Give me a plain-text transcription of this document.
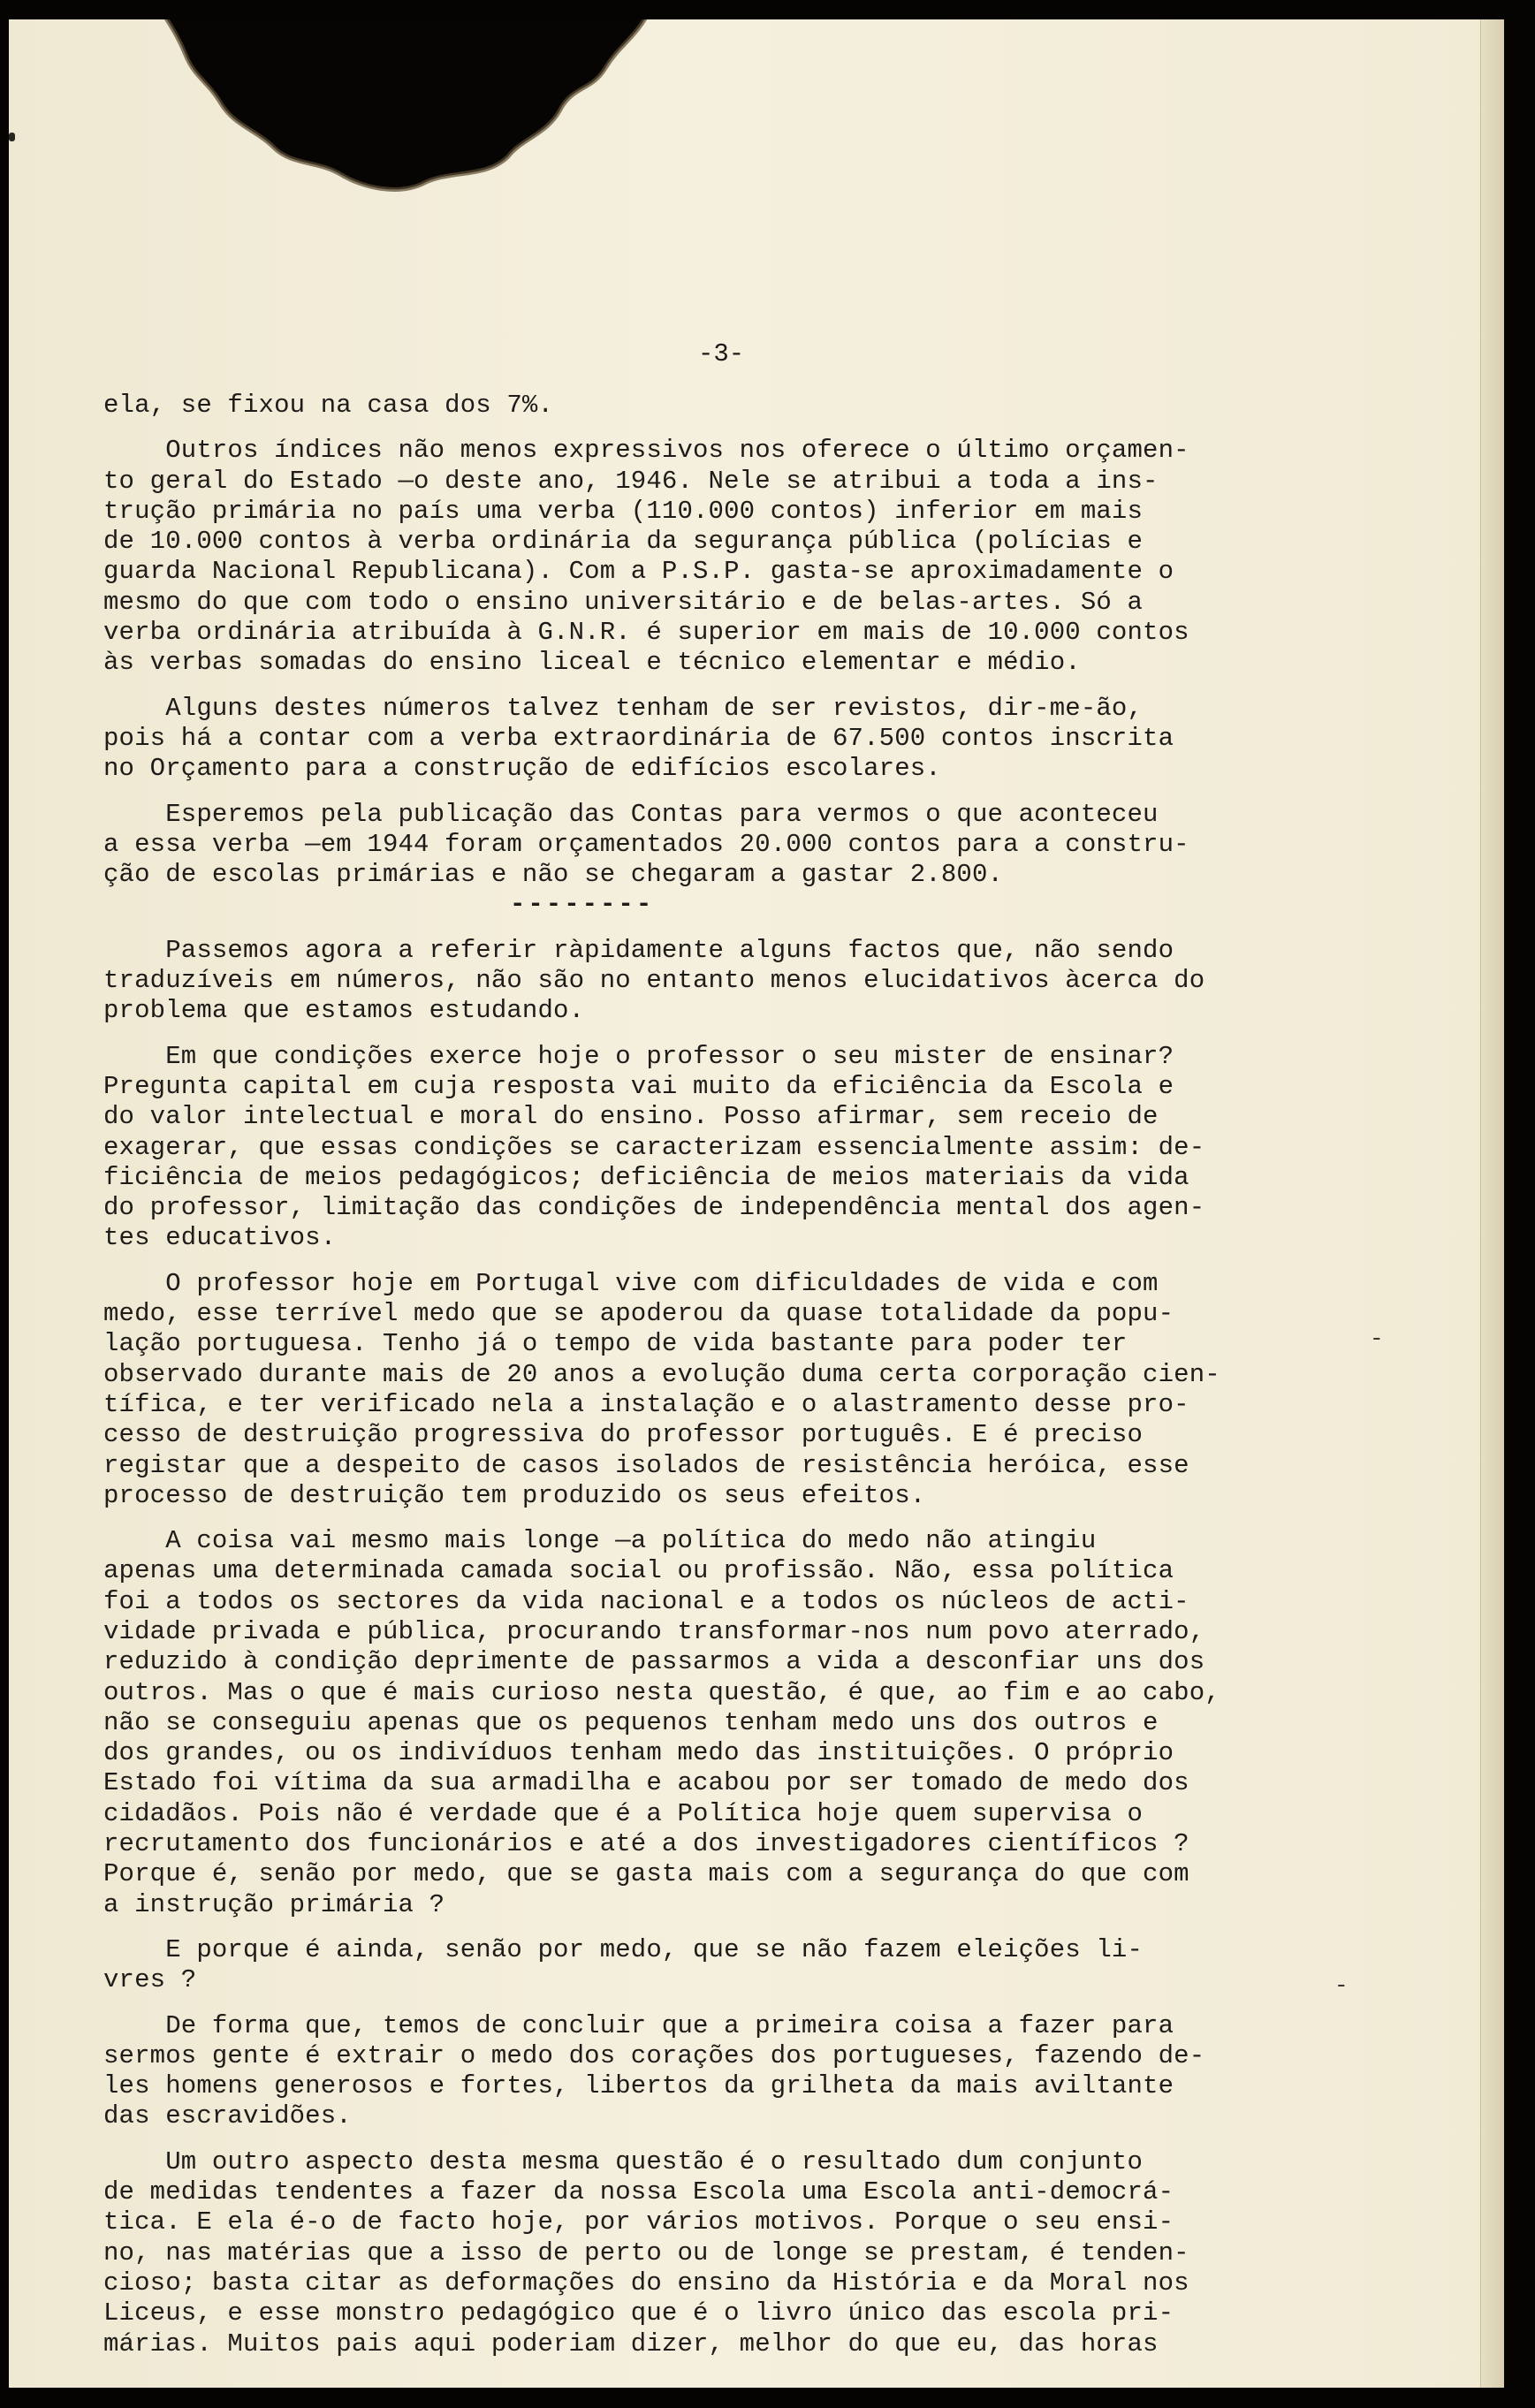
-3-
ela, se fixou na casa dos 7%.
Outros índices não menos expressivos nos oferece o último orçamen-
to geral do Estado —o deste ano, 1946. Nele se atribui a toda a ins-
trução primária no país uma verba (110.000 contos) inferior em mais
de 10.000 contos à verba ordinária da segurança pública (polícias e
guarda Nacional Republicana). Com a P.S.P. gasta-se aproximadamente o
mesmo do que com todo o ensino universitário e de belas-artes. Só a
verba ordinária atribuída à G.N.R. é superior em mais de 10.000 contos
às verbas somadas do ensino liceal e técnico elementar e médio.
Alguns destes números talvez tenham de ser revistos, dir-me-ão,
pois há a contar com a verba extraordinária de 67.500 contos inscrita
no Orçamento para a construção de edifícios escolares.
Esperemos pela publicação das Contas para vermos o que aconteceu
a essa verba —em 1944 foram orçamentados 20.000 contos para a constru-
ção de escolas primárias e não se chegaram a gastar 2.800.
--------
Passemos agora a referir ràpidamente alguns factos que, não sendo
traduzíveis em números, não são no entanto menos elucidativos àcerca do
problema que estamos estudando.
Em que condições exerce hoje o professor o seu mister de ensinar?
Pregunta capital em cuja resposta vai muito da eficiência da Escola e
do valor intelectual e moral do ensino. Posso afirmar, sem receio de
exagerar, que essas condições se caracterizam essencialmente assim: de-
ficiência de meios pedagógicos; deficiência de meios materiais da vida
do professor, limitação das condições de independência mental dos agen-
tes educativos.
O professor hoje em Portugal vive com dificuldades de vida e com
medo, esse terrível medo que se apoderou da quase totalidade da popu-
lação portuguesa. Tenho já o tempo de vida bastante para poder ter
observado durante mais de 20 anos a evolução duma certa corporação cien-
tífica, e ter verificado nela a instalação e o alastramento desse pro-
cesso de destruição progressiva do professor português. E é preciso
registar que a despeito de casos isolados de resistência heróica, esse
processo de destruição tem produzido os seus efeitos.
A coisa vai mesmo mais longe —a política do medo não atingiu
apenas uma determinada camada social ou profissão. Não, essa política
foi a todos os sectores da vida nacional e a todos os núcleos de acti-
vidade privada e pública, procurando transformar-nos num povo aterrado,
reduzido à condição deprimente de passarmos a vida a desconfiar uns dos
outros. Mas o que é mais curioso nesta questão, é que, ao fim e ao cabo,
não se conseguiu apenas que os pequenos tenham medo uns dos outros e
dos grandes, ou os indivíduos tenham medo das instituições. O próprio
Estado foi vítima da sua armadilha e acabou por ser tomado de medo dos
cidadãos. Pois não é verdade que é a Política hoje quem supervisa o
recrutamento dos funcionários e até a dos investigadores científicos ?
Porque é, senão por medo, que se gasta mais com a segurança do que com
a instrução primária ?
E porque é ainda, senão por medo, que se não fazem eleições li-
vres ?
De forma que, temos de concluir que a primeira coisa a fazer para
sermos gente é extrair o medo dos corações dos portugueses, fazendo de-
les homens generosos e fortes, libertos da grilheta da mais aviltante
das escravidões.
Um outro aspecto desta mesma questão é o resultado dum conjunto
de medidas tendentes a fazer da nossa Escola uma Escola anti-democrá-
tica. E ela é-o de facto hoje, por vários motivos. Porque o seu ensi-
no, nas matérias que a isso de perto ou de longe se prestam, é tenden-
cioso; basta citar as deformações do ensino da História e da Moral nos
Liceus, e esse monstro pedagógico que é o livro único das escola pri-
márias. Muitos pais aqui poderiam dizer, melhor do que eu, das horas
-
-
